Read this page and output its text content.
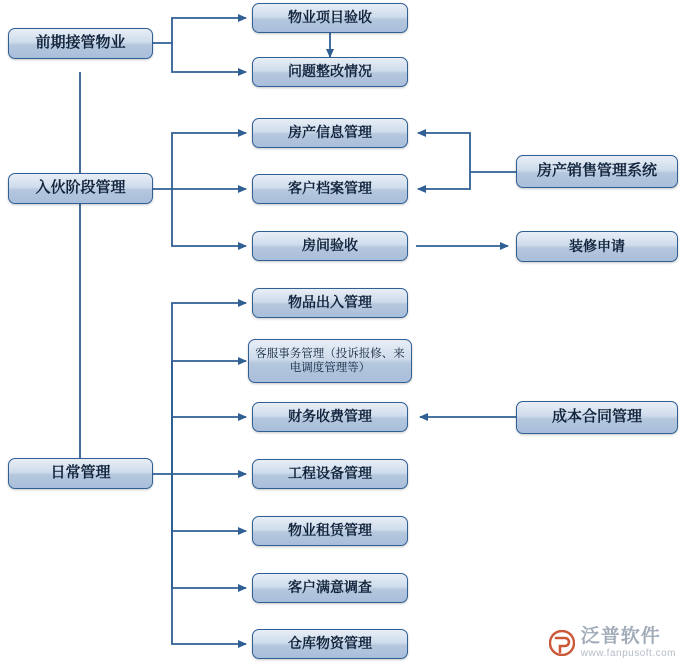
前期接管物业
入伙阶段管理
日常管理
物业项目验收
问题整改情况
房产信息管理
客户档案管理
房间验收
物品出入管理
客服事务管理（投诉报修、来电调度管理等）
财务收费管理
工程设备管理
物业租赁管理
客户满意调查
仓库物资管理
房产销售管理系统
装修申请
成本合同管理
泛普软件
www.fanpusoft.com
